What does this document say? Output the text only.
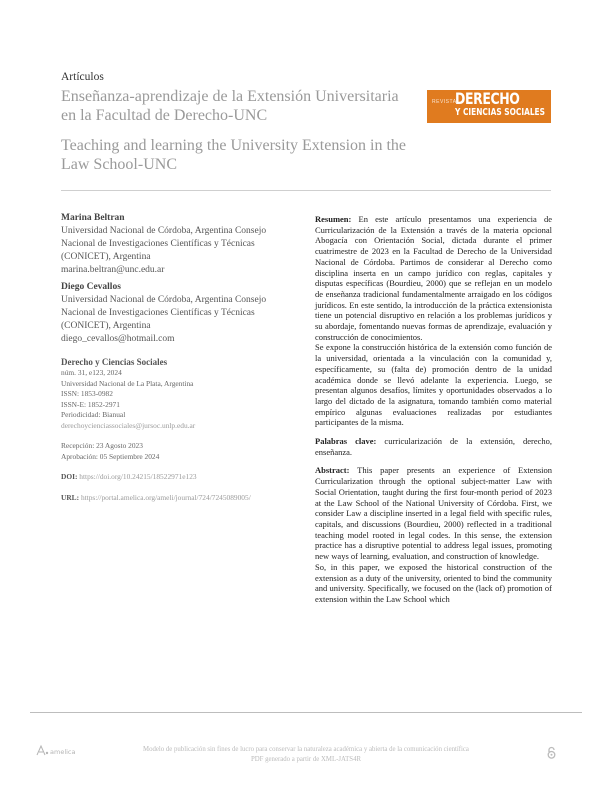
Artículos
Enseñanza-aprendizaje de la Extensión Universitaria en la Facultad de Derecho-UNC
Teaching and learning the University Extension in the Law School-UNC
REVISTA
DERECHO
Y CIENCIAS SOCIALES
Marina Beltran
Universidad Nacional de Córdoba, Argentina Consejo Nacional de Investigaciones Científicas y Técnicas (CONICET), Argentina
marina.beltran@unc.edu.ar
Diego Cevallos
Universidad Nacional de Córdoba, Argentina Consejo Nacional de Investigaciones Científicas y Técnicas (CONICET), Argentina
diego_cevallos@hotmail.com
Derecho y Ciencias Sociales
núm. 31, e123, 2024
Universidad Nacional de La Plata, Argentina
ISSN: 1853-0982
ISSN-E: 1852-2971
Periodicidad: Bianual
derechoycienciassociales@jursoc.unlp.edu.ar
Recepción: 23 Agosto 2023
Aprobación: 05 Septiembre 2024
DOI: https://doi.org/10.24215/18522971e123
URL: https://portal.amelica.org/ameli/journal/724/7245089005/

Resumen: En este artículo presentamos una experiencia de Curricularización de la Extensión a través de la materia opcional Abogacía con Orientación Social, dictada durante el primer cuatrimestre de 2023 en la Facultad de Derecho de la Universidad Nacional de Córdoba. Partimos de considerar al Derecho como disciplina inserta en un campo jurídico con reglas, capitales y disputas específicas (Bourdieu, 2000) que se reflejan en un modelo de enseñanza tradicional fundamentalmente arraigado en los códigos jurídicos. En este sentido, la introducción de la práctica extensionista tiene un potencial disruptivo en relación a los problemas jurídicos y su abordaje, fomentando nuevas formas de aprendizaje, evaluación y construcción de conocimientos.

Se expone la construcción histórica de la extensión como función de la universidad, orientada a la vinculación con la comunidad y, específicamente, su (falta de) promoción dentro de la unidad académica donde se llevó adelante la experiencia. Luego, se presentan algunos desafíos, límites y oportunidades observados a lo largo del dictado de la asignatura, tomando también como material empírico algunas evaluaciones realizadas por estudiantes participantes de la misma.

Palabras clave: curricularización de la extensión, derecho, enseñanza.

Abstract: This paper presents an experience of Extension Curricularization through the optional subject-matter Law with Social Orientation, taught during the first four-month period of 2023 at the Law School of the National University of Córdoba. First, we consider Law a discipline inserted in a legal field with specific rules, capitals, and discussions (Bourdieu, 2000) reflected in a traditional teaching model rooted in legal codes. In this sense, the extension practice has a disruptive potential to address legal issues, promoting new ways of learning, evaluation, and construction of knowledge.

So, in this paper, we exposed the historical construction of the extension as a duty of the university, oriented to bind the community and university. Specifically, we focused on the (lack of) promotion of extension within the Law School which

amelica	Modelo de publicación sin fines de lucro para conservar la naturaleza académica y abierta de la comunicación científica
PDF generado a partir de XML-JATS4R
